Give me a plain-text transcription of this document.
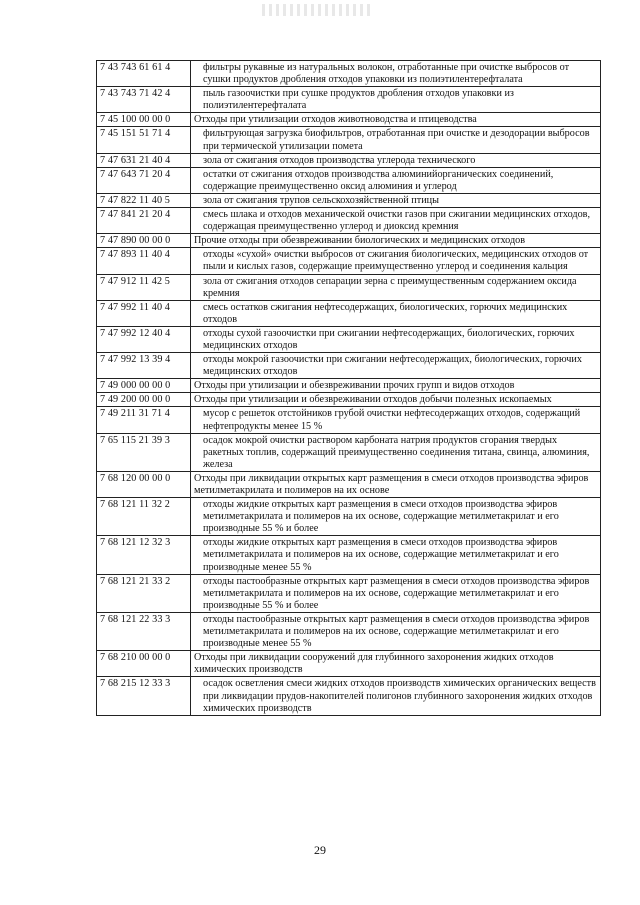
7 43 743 61 61 4	фильтры рукавные из натуральных волокон, отработанные при очистке выбросов от сушки продуктов дробления отходов упаковки из полиэтилентерефталата
7 43 743 71 42 4	пыль газоочистки при сушке продуктов дробления отходов упаковки из полиэтилентерефталата
7 45 100 00 00 0	Отходы при утилизации отходов животноводства и птицеводства
7 45 151 51 71 4	фильтрующая загрузка биофильтров, отработанная при очистке и дезодорации выбросов при термической утилизации помета
7 47 631 21 40 4	зола от сжигания отходов производства углерода технического
7 47 643 71 20 4	остатки от сжигания отходов производства алюминийорганических соединений, содержащие преимущественно оксид алюминия и углерод
7 47 822 11 40 5	зола от сжигания трупов сельскохозяйственной птицы
7 47 841 21 20 4	смесь шлака и отходов механической очистки газов при сжигании медицинских отходов, содержащая преимущественно углерод и диоксид кремния
7 47 890 00 00 0	Прочие отходы при обезвреживании биологических и медицинских отходов
7 47 893 11 40 4	отходы «сухой» очистки выбросов от сжигания биологических, медицинских отходов от пыли и кислых газов, содержащие преимущественно углерод и соединения кальция
7 47 912 11 42 5	зола от сжигания отходов сепарации зерна с преимущественным содержанием оксида кремния
7 47 992 11 40 4	смесь остатков сжигания нефтесодержащих, биологических, горючих медицинских отходов
7 47 992 12 40 4	отходы сухой газоочистки при сжигании нефтесодержащих, биологических, горючих медицинских отходов
7 47 992 13 39 4	отходы мокрой газоочистки при сжигании нефтесодержащих, биологических, горючих медицинских отходов
7 49 000 00 00 0	Отходы при утилизации и обезвреживании прочих групп и видов отходов
7 49 200 00 00 0	Отходы при утилизации и обезвреживании отходов добычи полезных ископаемых
7 49 211 31 71 4	мусор с решеток отстойников грубой очистки нефтесодержащих отходов, содержащий нефтепродукты менее 15 %
7 65 115 21 39 3	осадок мокрой очистки раствором карбоната натрия продуктов сгорания твердых ракетных топлив, содержащий преимущественно соединения титана, свинца, алюминия, железа
7 68 120 00 00 0	Отходы при ликвидации открытых карт размещения в смеси отходов производства эфиров метилметакрилата и полимеров на их основе
7 68 121 11 32 2	отходы жидкие открытых карт размещения в смеси отходов производства эфиров метилметакрилата и полимеров на их основе, содержащие метилметакрилат и его производные 55 % и более
7 68 121 12 32 3	отходы жидкие открытых карт размещения в смеси отходов производства эфиров метилметакрилата и полимеров на их основе, содержащие метилметакрилат и его производные менее 55 %
7 68 121 21 33 2	отходы пастообразные открытых карт размещения в смеси отходов производства эфиров метилметакрилата и полимеров на их основе, содержащие метилметакрилат и его производные 55 % и более
7 68 121 22 33 3	отходы пастообразные открытых карт размещения в смеси отходов производства эфиров метилметакрилата и полимеров на их основе, содержащие метилметакрилат и его производные менее 55 %
7 68 210 00 00 0	Отходы при ликвидации сооружений для глубинного захоронения жидких отходов химических производств
7 68 215 12 33 3	осадок осветления смеси жидких отходов производств химических органических веществ при ликвидации прудов-накопителей полигонов глубинного захоронения жидких отходов химических производств
29
